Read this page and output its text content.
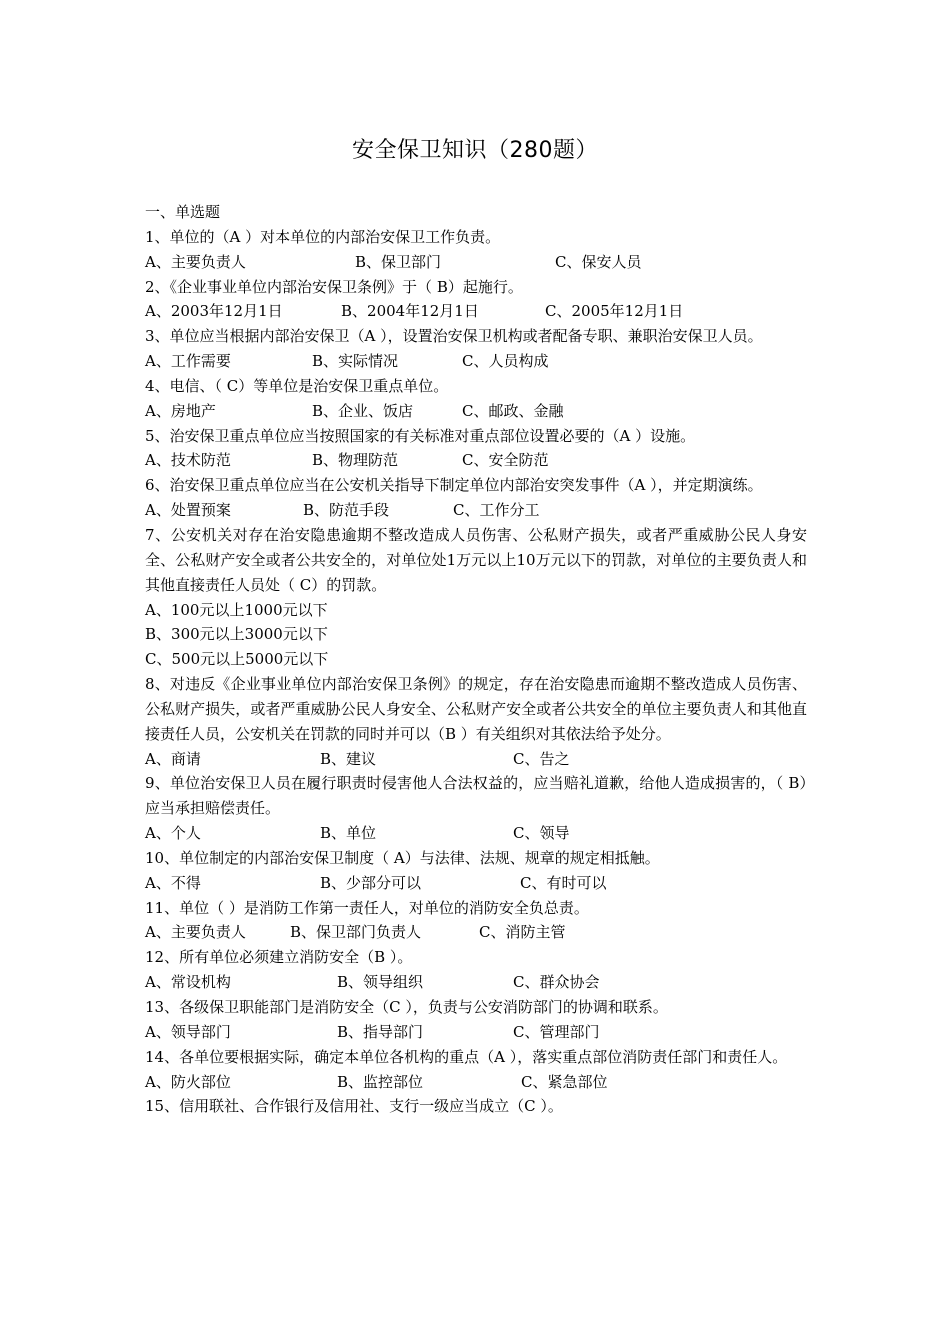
安全保卫知识（280题）
一、单选题
1、单位的（A ）对本单位的内部治安保卫工作负责。
A、主要负责人	B、保卫部门	C、保安人员
2、《企业事业单位内部治安保卫条例》于（ B）起施行。
A、2003年12月1日	B、2004年12月1日	C、2005年12月1日
3、单位应当根据内部治安保卫（A ），设置治安保卫机构或者配备专职、兼职治安保卫人员。
A、工作需要	B、实际情况	C、人员构成
4、电信、（ C）等单位是治安保卫重点单位。
A、房地产	B、企业、饭店	C、邮政、金融
5、治安保卫重点单位应当按照国家的有关标准对重点部位设置必要的（A ）设施。
A、技术防范	B、物理防范	C、安全防范
6、治安保卫重点单位应当在公安机关指导下制定单位内部治安突发事件（A ），并定期演练。
A、处置预案	B、防范手段	C、工作分工
7、公安机关对存在治安隐患逾期不整改造成人员伤害、公私财产损失，或者严重威胁公民人身安全、公私财产安全或者公共安全的，对单位处1万元以上10万元以下的罚款，对单位的主要负责人和其他直接责任人员处（ C）的罚款。
A、100元以上1000元以下
B、300元以上3000元以下
C、500元以上5000元以下
8、对违反《企业事业单位内部治安保卫条例》的规定，存在治安隐患而逾期不整改造成人员伤害、公私财产损失，或者严重威胁公民人身安全、公私财产安全或者公共安全的单位主要负责人和其他直接责任人员，公安机关在罚款的同时并可以（B ）有关组织对其依法给予处分。
A、商请	B、建议	C、告之
9、单位治安保卫人员在履行职责时侵害他人合法权益的，应当赔礼道歉，给他人造成损害的，（ B）应当承担赔偿责任。
A、个人	B、单位	C、领导
10、单位制定的内部治安保卫制度（ A）与法律、法规、规章的规定相抵触。
A、不得	B、少部分可以	C、有时可以
11、单位（ ）是消防工作第一责任人，对单位的消防安全负总责。
A、主要负责人	B、保卫部门负责人	C、消防主管
12、所有单位必须建立消防安全（B ）。
A、常设机构	B、领导组织	C、群众协会
13、各级保卫职能部门是消防安全（C ），负责与公安消防部门的协调和联系。
A、领导部门	B、指导部门	C、管理部门
14、各单位要根据实际，确定本单位各机构的重点（A ），落实重点部位消防责任部门和责任人。
A、防火部位	B、监控部位	C、紧急部位
15、信用联社、合作银行及信用社、支行一级应当成立（C ）。
